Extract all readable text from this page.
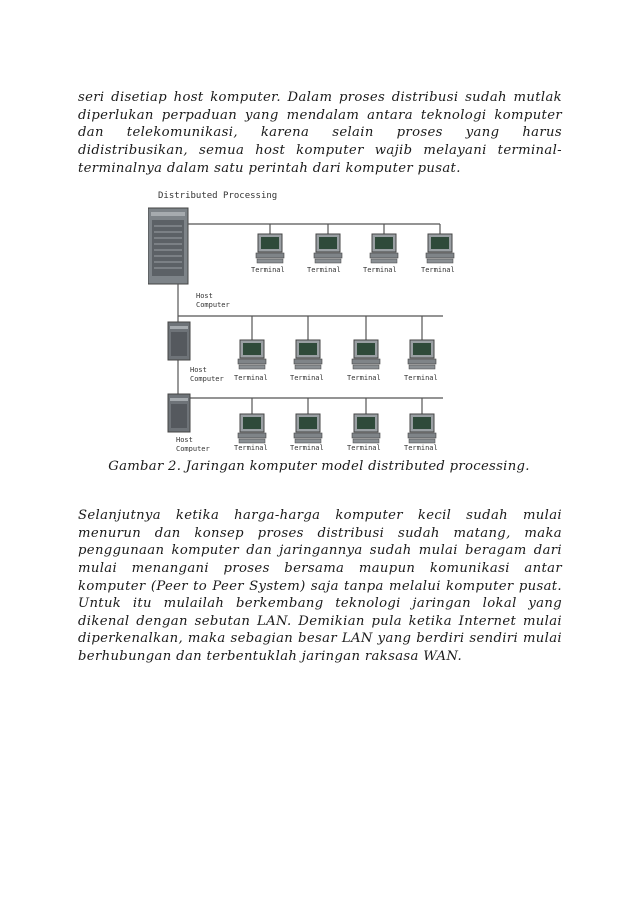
seri disetiap host komputer. Dalam proses distribusi sudah mutlak diperlukan perpaduan yang mendalam antara teknologi komputer dan telekomunikasi, karena selain proses yang harus didistribusikan, semua host komputer wajib melayani terminal-terminalnya dalam satu perintah dari komputer pusat.

Distributed Processing
Host
Computer
Host
Computer
Host
Computer
Terminal	Terminal	Terminal	Terminal
Terminal	Terminal	Terminal	Terminal
Terminal	Terminal	Terminal	Terminal
Gambar 2. Jaringan komputer model distributed processing.

Selanjutnya ketika harga-harga komputer kecil sudah mulai menurun dan konsep proses distribusi sudah matang, maka penggunaan komputer dan jaringannya sudah mulai beragam dari mulai menangani proses bersama maupun komunikasi antar komputer (Peer to Peer System) saja tanpa melalui komputer pusat. Untuk itu mulailah berkembang teknologi jaringan lokal yang dikenal dengan sebutan LAN. Demikian pula ketika Internet mulai diperkenalkan, maka sebagian besar LAN yang berdiri sendiri mulai berhubungan dan terbentuklah jaringan raksasa WAN.
